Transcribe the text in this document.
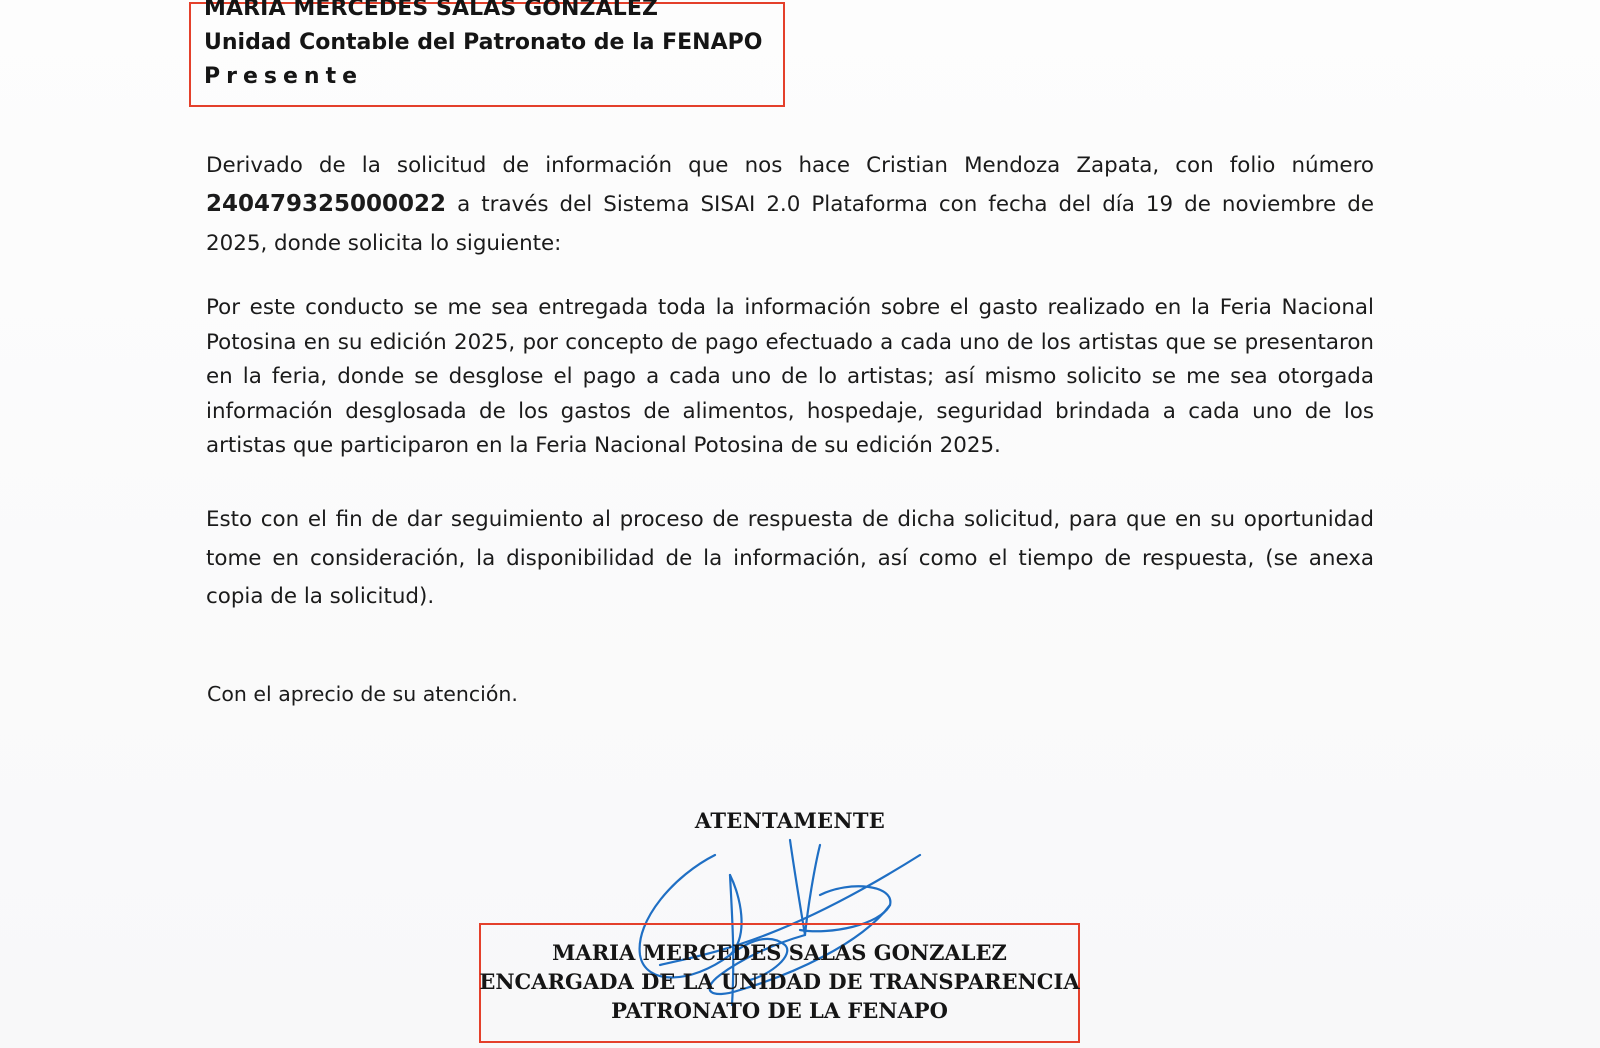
MARIA MERCEDES SALAS GONZALEZ
Unidad Contable del Patronato de la FENAPO
Presente
Derivado de la solicitud de información que nos hace Cristian Mendoza Zapata, con folio número 240479325000022 a través del Sistema SISAI 2.0 Plataforma con fecha del día 19 de noviembre de 2025, donde solicita lo siguiente:
Por este conducto se me sea entregada toda la información sobre el gasto realizado en la Feria Nacional Potosina en su edición 2025, por concepto de pago efectuado a cada uno de los artistas que se presentaron en la feria, donde se desglose el pago a cada uno de lo artistas; así mismo solicito se me sea otorgada información desglosada de los gastos de alimentos, hospedaje, seguridad brindada a cada uno de los artistas que participaron en la Feria Nacional Potosina de su edición 2025.
Esto con el fin de dar seguimiento al proceso de respuesta de dicha solicitud, para que en su oportunidad tome en consideración, la disponibilidad de la información, así como el tiempo de respuesta, (se anexa copia de la solicitud).
Con el aprecio de su atención.
ATENTAMENTE
MARIA MERCEDES SALAS GONZALEZ
ENCARGADA DE LA UNIDAD DE TRANSPARENCIA
PATRONATO DE LA FENAPO
